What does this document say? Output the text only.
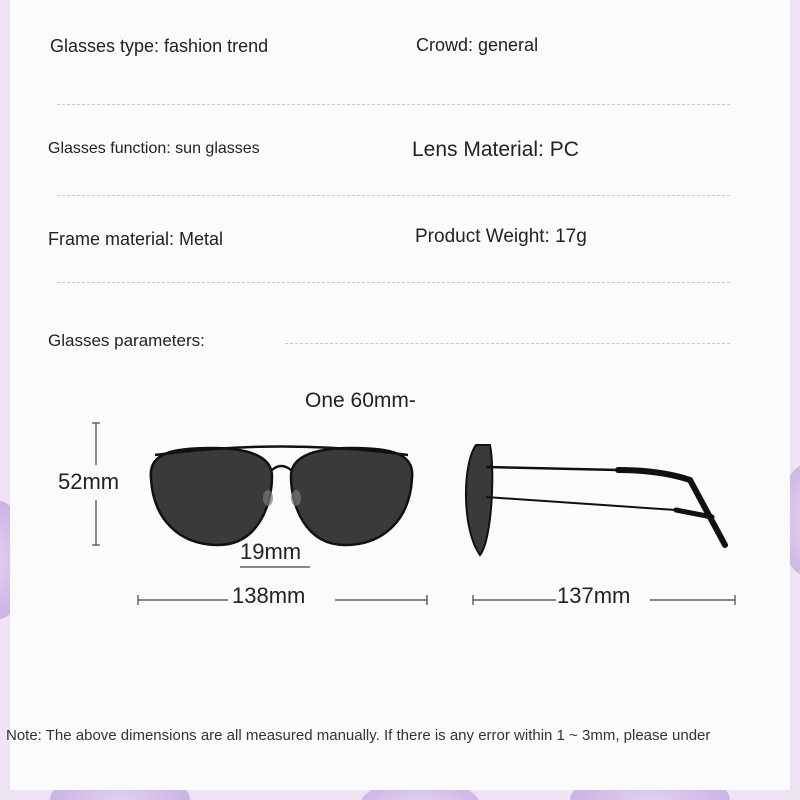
Glasses type: fashion trend	Crowd: general
Glasses function: sun glasses	Lens Material: PC
Frame material: Metal	Product Weight: 17g
Glasses parameters:
One 60mm-
52mm
19mm
138mm	137mm
Note: The above dimensions are all measured manually. If there is any error within 1 ~ 3mm, please under
